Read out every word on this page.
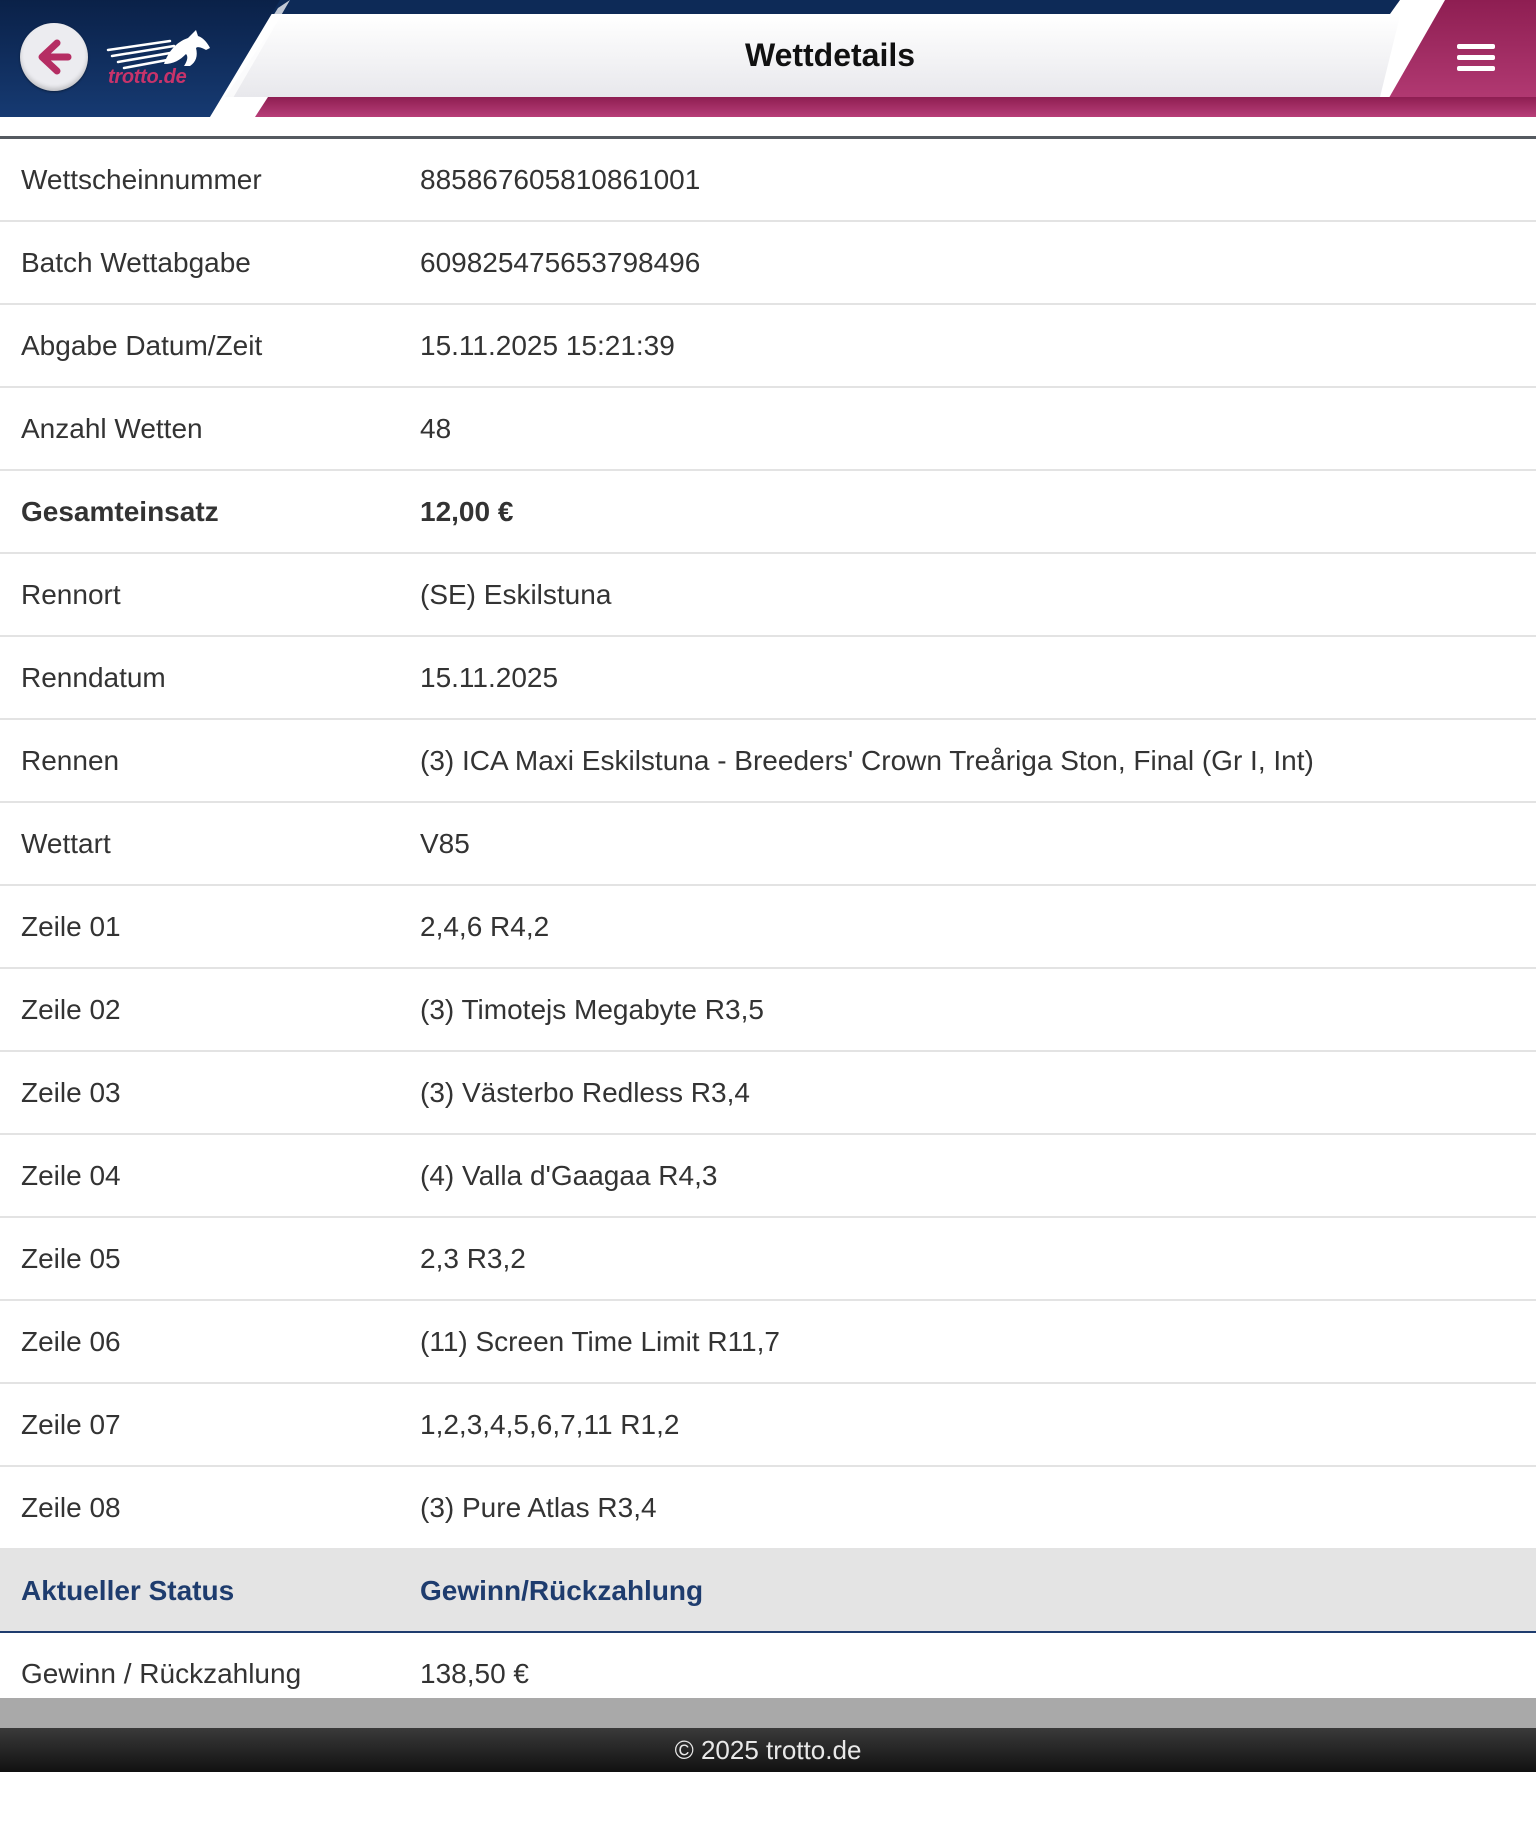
trotto.de
Wettdetails
Wettscheinnummer	885867605810861001
Batch Wettabgabe	609825475653798496
Abgabe Datum/Zeit	15.11.2025 15:21:39
Anzahl Wetten	48
Gesamteinsatz	12,00 €
Rennort	(SE) Eskilstuna
Renndatum	15.11.2025
Rennen	(3) ICA Maxi Eskilstuna - Breeders' Crown Treåriga Ston, Final (Gr I, Int)
Wettart	V85
Zeile 01	2,4,6 R4,2
Zeile 02	(3) Timotejs Megabyte R3,5
Zeile 03	(3) Västerbo Redless R3,4
Zeile 04	(4) Valla d'Gaagaa R4,3
Zeile 05	2,3 R3,2
Zeile 06	(11) Screen Time Limit R11,7
Zeile 07	1,2,3,4,5,6,7,11 R1,2
Zeile 08	(3) Pure Atlas R3,4
Aktueller Status	Gewinn/Rückzahlung
Gewinn / Rückzahlung	138,50 €
© 2025 trotto.de
